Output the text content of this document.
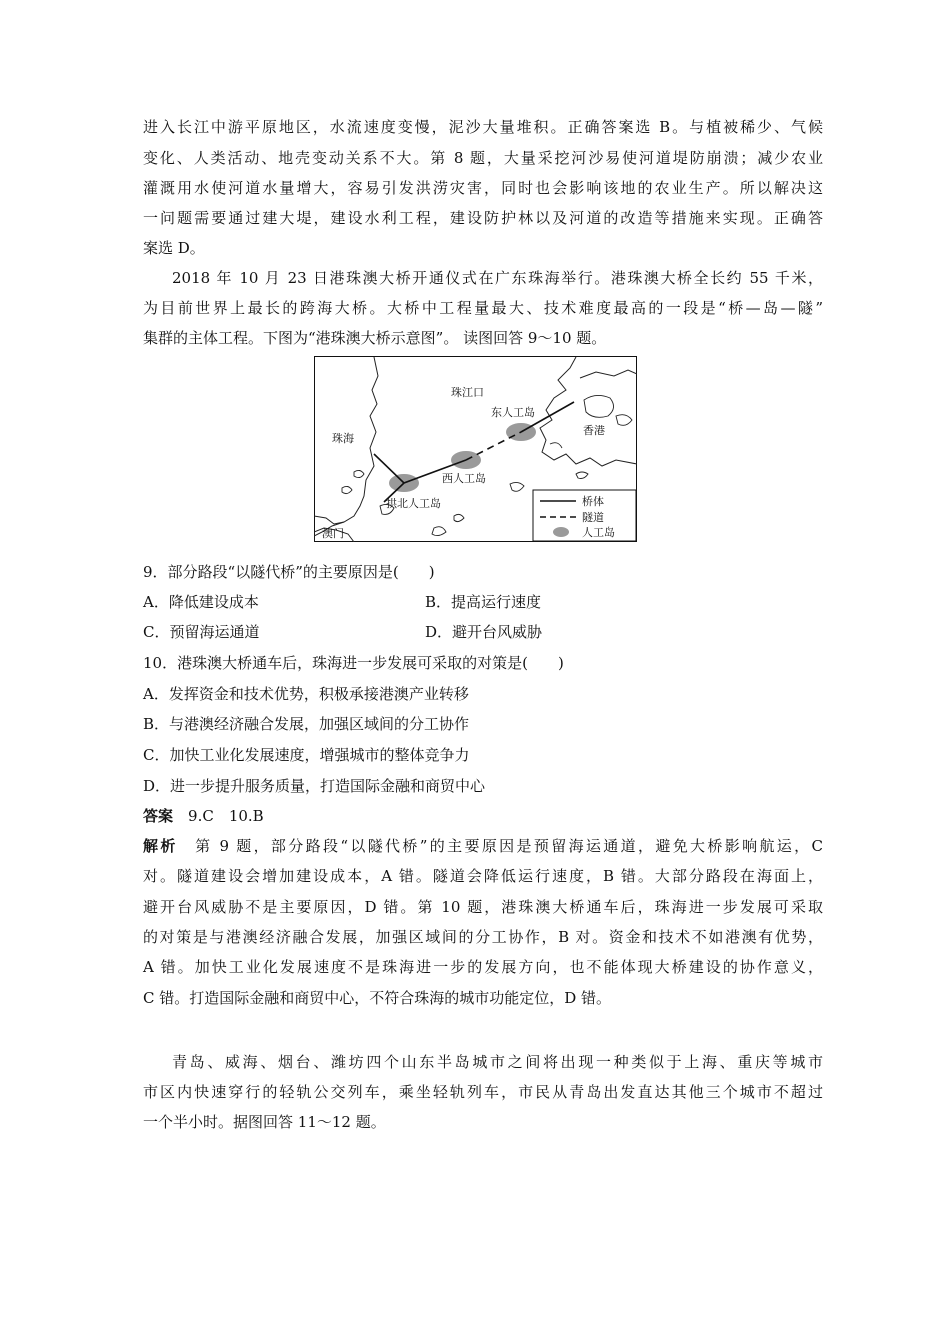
进入长江中游平原地区，水流速度变慢，泥沙大量堆积。正确答案选 B。与植被稀少、气候
变化、人类活动、地壳变动关系不大。第 8 题，大量采挖河沙易使河道堤防崩溃；减少农业
灌溉用水使河道水量增大，容易引发洪涝灾害，同时也会影响该地的农业生产。所以解决这
一问题需要通过建大堤，建设水利工程，建设防护林以及河道的改造等措施来实现。正确答
案选 D。
2018 年 10 月 23 日港珠澳大桥开通仪式在广东珠海举行。港珠澳大桥全长约 55 千米，
为目前世界上最长的跨海大桥。大桥中工程量最大、技术难度最高的一段是“桥—岛—隧”
集群的主体工程。下图为“港珠澳大桥示意图”。 读图回答 9～10 题。
珠江口
珠海
东人工岛
香港
西人工岛
拱北人工岛
澳门
桥体
隧道
人工岛
9．部分路段“以隧代桥”的主要原因是(　　)
A．降低建设成本	B．提高运行速度
C．预留海运通道	D．避开台风威胁
10．港珠澳大桥通车后，珠海进一步发展可采取的对策是(　　)
A．发挥资金和技术优势，积极承接港澳产业转移
B．与港澳经济融合发展，加强区域间的分工协作
C．加快工业化发展速度，增强城市的整体竞争力
D．进一步提升服务质量，打造国际金融和商贸中心
答案　 9.C　10.B
解析　 第 9 题，部分路段“以隧代桥”的主要原因是预留海运通道，避免大桥影响航运，C
对。隧道建设会增加建设成本，A 错。隧道会降低运行速度，B 错。大部分路段在海面上，
避开台风威胁不是主要原因，D 错。第 10 题，港珠澳大桥通车后，珠海进一步发展可采取
的对策是与港澳经济融合发展，加强区域间的分工协作，B 对。资金和技术不如港澳有优势，
A 错。加快工业化发展速度不是珠海进一步的发展方向，也不能体现大桥建设的协作意义，
C 错。打造国际金融和商贸中心，不符合珠海的城市功能定位，D 错。
青岛、威海、烟台、潍坊四个山东半岛城市之间将出现一种类似于上海、重庆等城市
市区内快速穿行的轻轨公交列车，乘坐轻轨列车，市民从青岛出发直达其他三个城市不超过
一个半小时。据图回答 11～12 题。
